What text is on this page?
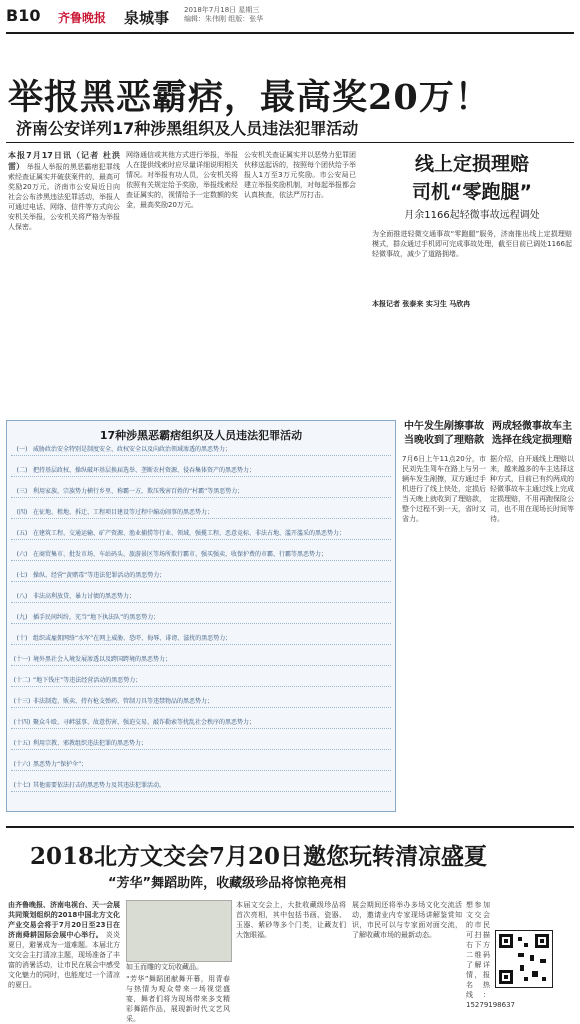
B10 齐鲁晚报 泉城事 2018年7月18日 星期三
编辑：朱伟刚 组版：张华
举报黑恶霸痞，最高奖20万！
济南公安详列17种涉黑组织及人员违法犯罪活动
本报7月17日讯（记者 杜洪雷） 举报人举报的黑恶霸痞犯罪线索经查证属实并破获案件的，最高可奖励20万元。济南市公安局近日向社会公布涉黑违法犯罪活动，举报人可通过电话、网络、信件等方式向公安机关举报，公安机关将严格为举报人保密。
网络通信或其他方式进行举报，举报人在提供线索时应尽量详细说明相关情况。对举报有功人员，公安机关将依照有关规定给予奖励，举报线索经查证属实的，视情给予一定数额的奖金，最高奖励20万元。
公安机关查证属实并以恶势力犯罪团伙移送起诉的，按照每个团伙给予举报人1万至3万元奖励。市公安局已建立举报奖励机制，对每起举报都会认真核查，依法严厉打击。
线上定损理赔
司机“零跑腿”
月余1166起轻微事故远程调处
为全面推进轻微交通事故“零跑腿”服务，济南推出线上定损理赔模式，群众通过手机即可完成事故处理，截至目前已调处1166起轻微事故，减少了道路拥堵。
本报记者 张泰来 实习生 马欣冉
中午发生剐擦事故当晚收到了理赔款
7月6日上午11点20分，市民刘先生驾车在路上与另一辆车发生剐擦，双方通过手机进行了线上快处，定损后当天晚上就收到了理赔款，整个过程不到一天，省时又省力。
两成轻微事故车主选择在线定损理赔
据介绍，自开通线上理赔以来，越来越多的车主选择这种方式，目前已有约两成的轻微事故车主通过线上完成定损理赔，不用再跑保险公司，也不用在现场长时间等待。
17种涉黑恶霸痞组织及人员违法犯罪活动
(一) 威胁政治安全特别是制度安全、政权安全以及向政治领域渗透的黑恶势力；
(二) 把持基层政权、操纵破坏基层换届选举、垄断农村资源、侵吞集体资产的黑恶势力；
(三) 利用家族、宗族势力横行乡里、称霸一方，欺压残害百姓的“村霸”等黑恶势力；
(四) 在征地、租地、拆迁、工程项目建设等过程中煽动闹事的黑恶势力；
(五) 在建筑工程、交通运输、矿产资源、渔业捕捞等行业、领域，强揽工程、恶意竞标、非法占地、滥开滥采的黑恶势力；
(六) 在商贸集市、批发市场、车站码头、旅游景区等场所欺行霸市、强买强卖、收保护费的市霸、行霸等黑恶势力；
(七) 操纵、经营“黄赌毒”等违法犯罪活动的黑恶势力；
(八) 非法高利放贷、暴力讨债的黑恶势力；
(九) 插手民间纠纷，充当“地下执法队”的黑恶势力；
(十) 组织或雇佣网络“水军”在网上威胁、恐吓、侮辱、诽谤、滋扰的黑恶势力；
(十一) 境外黑社会入境发展渗透以及跨国跨境的黑恶势力；
(十二) “地下钱庄”等违法经营活动的黑恶势力；
(十三) 非法制造、贩卖、持有枪支弹药、管制刀具等违禁物品的黑恶势力；
(十四) 聚众斗殴、寻衅滋事、故意伤害、强迫交易、敲诈勒索等扰乱社会秩序的黑恶势力；
(十五) 利用宗教、邪教组织违法犯罪的黑恶势力；
(十六) 黑恶势力“保护伞”；
(十七) 其他需要依法打击的黑恶势力及其违法犯罪活动。
2018北方文交会7月20日邀您玩转清凉盛夏
“芳华”舞蹈助阵，收藏级珍品将惊艳亮相
由齐鲁晚报、济南电视台、天一会展共同策划组织的2018中国北方文化产业交易会将于7月20日至23日在济南舜耕国际会展中心举行。 炎炎夏日，避暑成为一道难题。本届北方文交会主打清凉主题，现场准备了丰富的消暑活动，让市民在展会中感受文化魅力的同时，也能度过一个清凉的夏日。
如玉而雕的文玩收藏品。
“芳华”舞蹈团献舞开幕，用青春与热情为观众带来一场视觉盛宴，舞者们将为现场带来多支精彩舞蹈作品，展现新时代文艺风采。
本届文交会上，大批收藏级珍品将首次亮相，其中包括书画、瓷器、玉器、紫砂等多个门类，让藏友们大饱眼福。
展会期间还将举办多场文化交流活动，邀请业内专家现场讲解鉴赏知识，市民可以与专家面对面交流，了解收藏市场的最新动态。
想参加文交会的市民可扫描右下方二维码了解详情，报名热线：15279198637
